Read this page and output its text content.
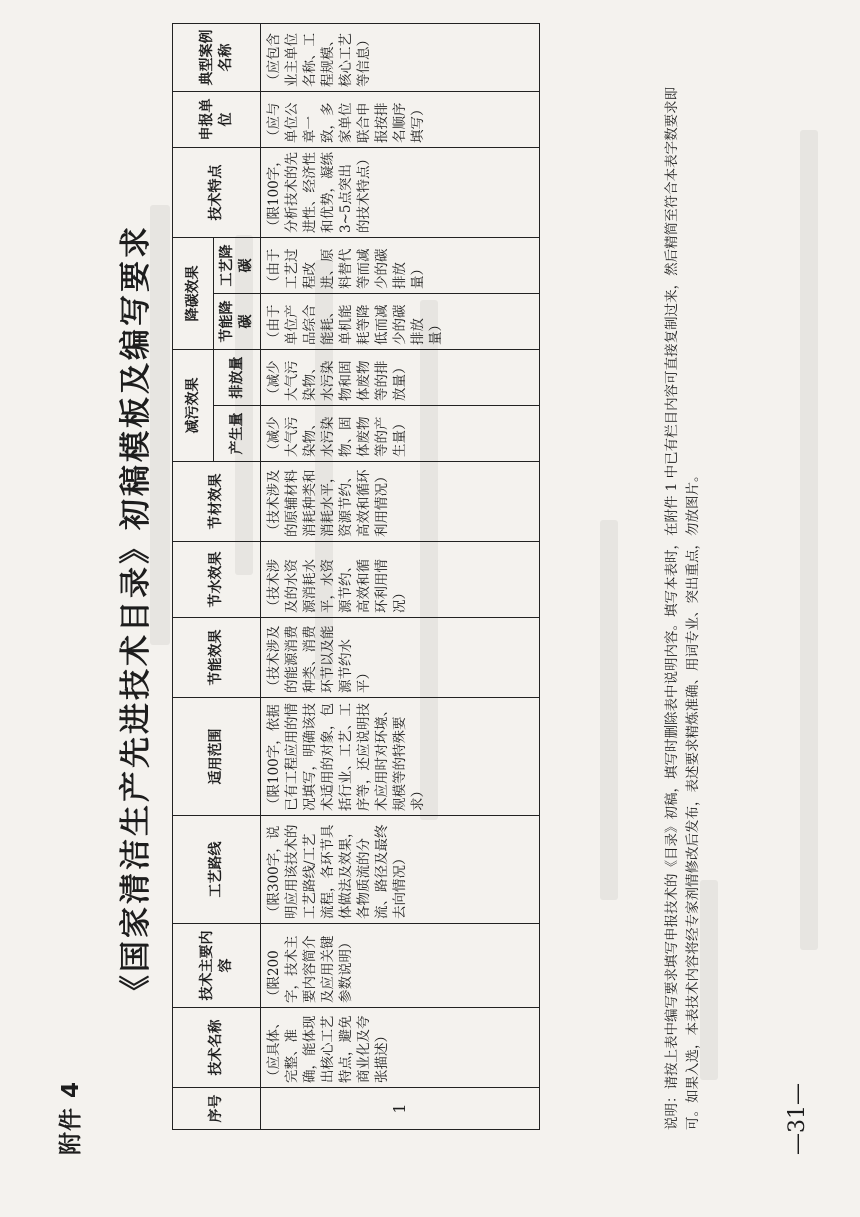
附件 4
《国家清洁生产先进技术目录》初稿模板及编写要求
序号	技术名称	技术主要内容	工艺路线	适用范围	节能效果	节水效果	节材效果	减污效果		降碳效果		技术特点	申报单位	典型案例名称
								产生量	排放量	节能降碳	工艺降碳			
1	（应具体、完整、准确，能体现出核心工艺特点，避免商业化及夸张描述）	（限200字，技术主要内容简介及应用关键参数说明）	（限300字，说明应用该技术的工艺路线/工艺流程，各环节具体做法及效果，各物质流的分流、路径及最终去向情况）	（限100字，依据已有工程应用的情况填写，明确该技术适用的对象，包括行业、工艺、工序等，还应说明技术应用时对环境、规模等的特殊要求）	（技术涉及的能源消费种类、消费环节以及能源节约水平）	（技术涉及的水资源消耗水平，水资源节约、高效和循环利用情况）	（技术涉及的原辅材料消耗种类和消耗水平，资源节约、高效和循环利用情况）	（减少大气污染物、水污染物、固体废物等的产生量）	（减少大气污染物、水污染物和固体废物等的排放量）	（由于单位产品综合能耗、单机能耗等降低而减少的碳排放量）	（由于工艺过程改进、原料替代等而减少的碳排放量）	（限100字，分析技术的先进性、经济性和优势，凝练3~5点突出的技术特点）	（应与单位公章一致，多家单位联合申报按排名顺序填写）	（应包含业主单位名称、工程规模、核心工艺等信息）
说明：请按上表中编写要求填写申报技术的《目录》初稿，填写时删除表中说明内容。填写本表时，在附件 1 中已有栏目内容可直接复制过来，然后精简至符合本表字数要求即可。如果入选，本表技术内容将经专家剂情修改后发布，表述要求精炼准确、用词专业、突出重点，勿放图片。	—31—
